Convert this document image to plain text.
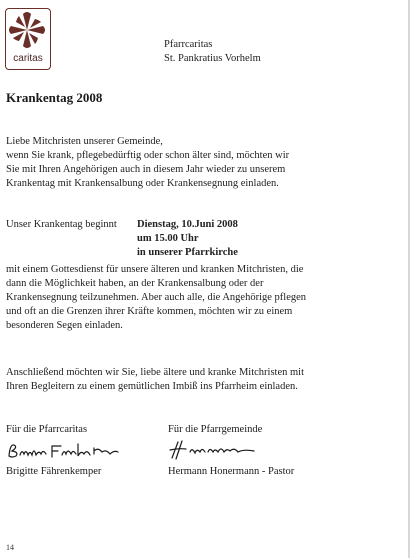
caritas
Pfarrcaritas
St. Pankratius Vorhelm
Krankentag 2008
Liebe Mitchristen unserer Gemeinde,
wenn Sie krank, pflegebedürftig oder schon älter sind, möchten wir
Sie mit Ihren Angehörigen auch in diesem Jahr wieder zu unserem
Krankentag mit Krankensalbung oder Krankensegnung einladen.
Unser Krankentag beginnt Dienstag, 10.Juni 2008
um 15.00 Uhr
in unserer Pfarrkirche
mit einem Gottesdienst für unsere älteren und kranken Mitchristen, die
dann die Möglichkeit haben, an der Krankensalbung oder der
Krankensegnung teilzunehmen. Aber auch alle, die Angehörige pflegen
und oft an die Grenzen ihrer Kräfte kommen, möchten wir zu einem
besonderen Segen einladen.
Anschließend möchten wir Sie, liebe ältere und kranke Mitchristen mit
Ihren Begleitern zu einem gemütlichen Imbiß ins Pfarrheim einladen.
Für die Pfarrcaritas	Für die Pfarrgemeinde
Brigitte Fährenkemper	Hermann Honermann - Pastor
14
